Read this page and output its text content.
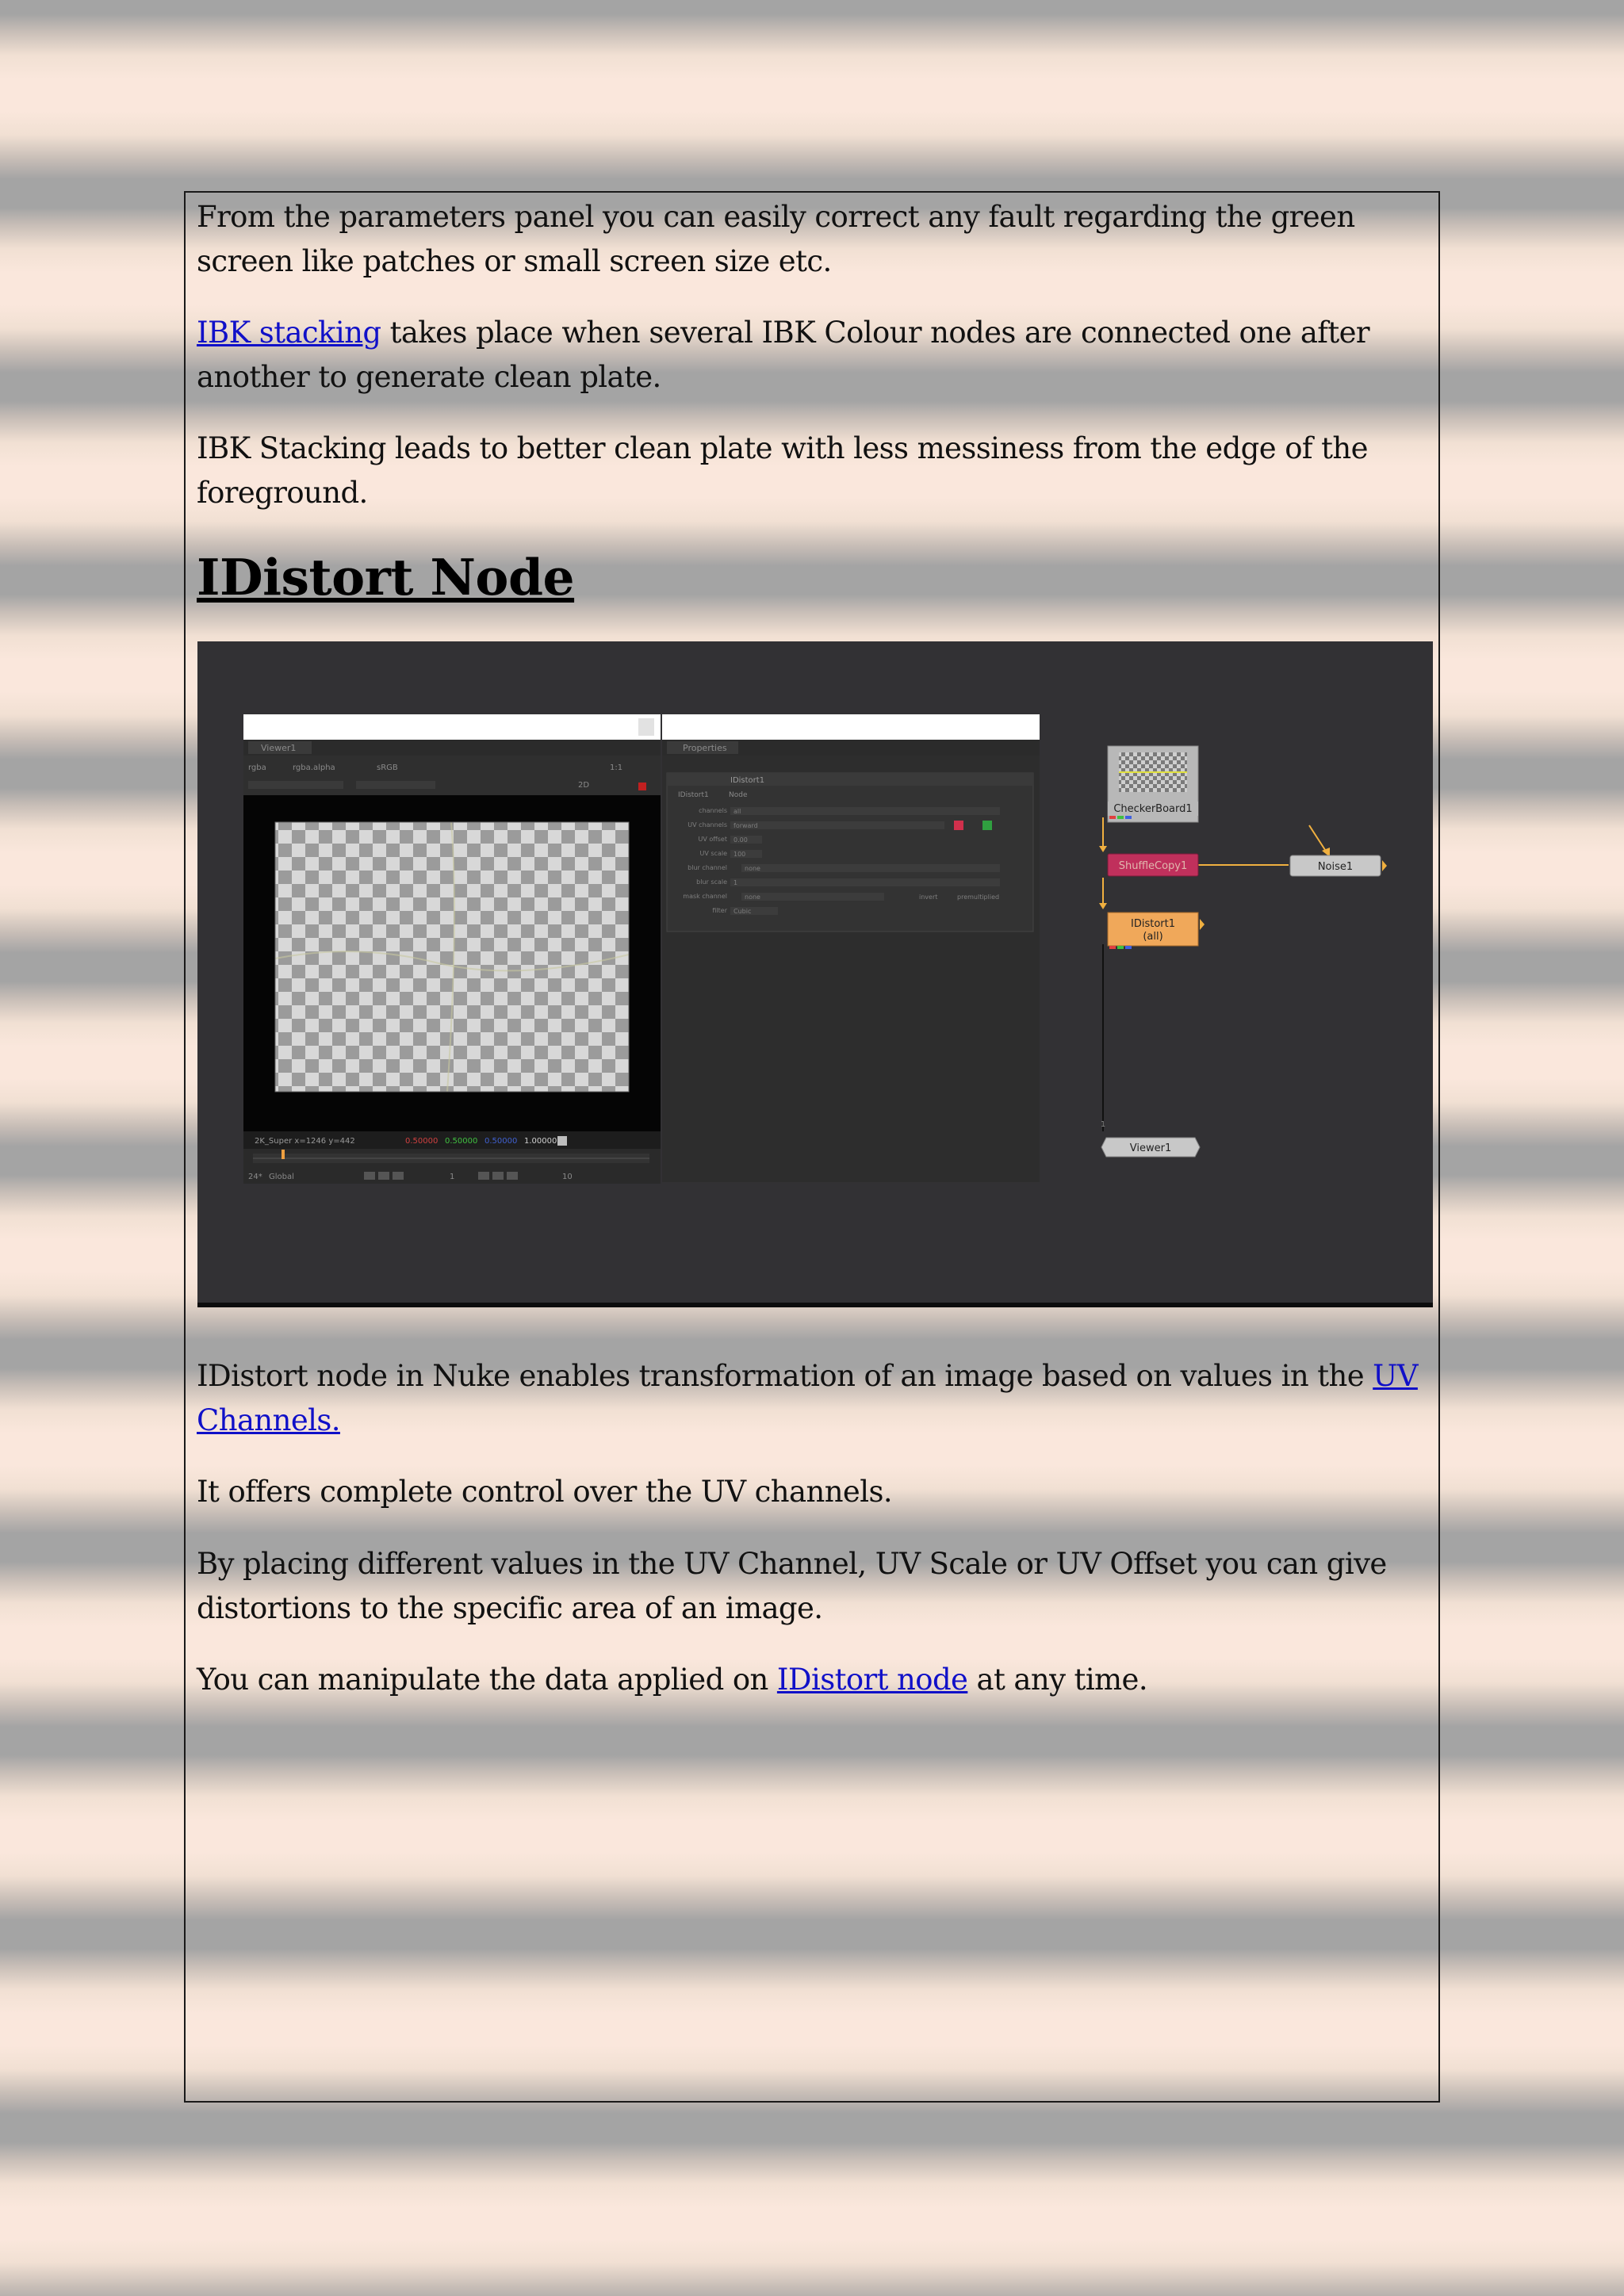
From the parameters panel you can easily correct any fault regarding the green screen like patches or small screen size etc.

IBK stacking takes place when several IBK Colour nodes are connected one after another to generate clean plate.

IBK Stacking leads to better clean plate with less messiness from the edge of the foreground.

IDistort Node

IDistort node in Nuke enables transformation of an image based on values in the UV Channels.

It offers complete control over the UV channels.

By placing different values in the UV Channel, UV Scale or UV Offset you can give distortions to the specific area of an image.

You can manipulate the data applied on IDistort node at any time.

Viewer1
rgba	rgba.alpha	sRGB	1:1
2D
2K_Super x=1246 y=442	0.50000 0.50000 0.50000 1.00000
24* Global	1	10
Properties
IDistort1
IDistort1	Node
channels all
UV channels forward
UV offset 0.00
UV scale 100
blur channel	none
blur scale 1
mask channel	none	invert	premultiplied
filter Cubic
CheckerBoard1
ShuffleCopy1	Noise1
IDistort1
(all)
1
Viewer1
